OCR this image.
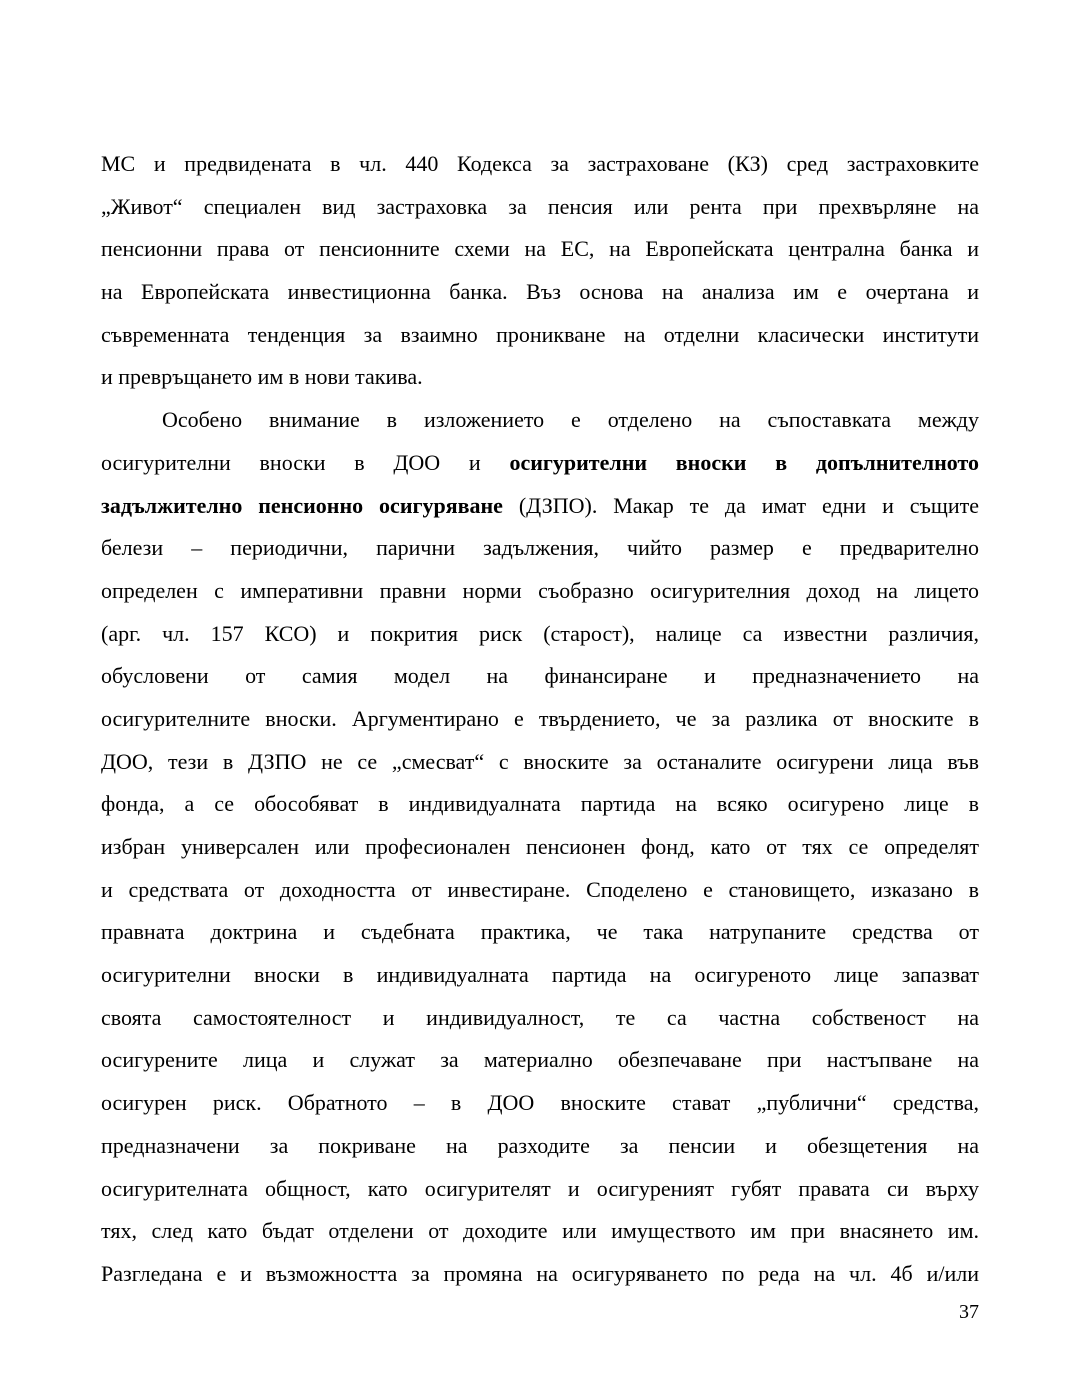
МС и предвидената в чл. 440 Кодекса за застраховане (КЗ) сред застраховките
„Живот“ специален вид застраховка за пенсия или рента при прехвърляне на
пенсионни права от пенсионните схеми на ЕС, на Европейската централна банка и
на Европейската инвестиционна банка. Въз основа на анализа им е очертана и
съвременната тенденция за взаимно проникване на отделни класически институти
и превръщането им в нови такива.
Особено внимание в изложението е отделено на съпоставката между
осигурителни вноски в ДОО и осигурителни вноски в допълнителното
задължително пенсионно осигуряване (ДЗПО). Макар те да имат едни и същите
белези – периодични, парични задължения, чийто размер е предварително
определен с императивни правни норми съобразно осигурителния доход на лицето
(арг. чл. 157 КСО) и покрития риск (старост), налице са известни различия,
обусловени от самия модел на финансиране и предназначението на
осигурителните вноски. Аргументирано е твърдението, че за разлика от вноските в
ДОО, тези в ДЗПО не се „смесват“ с вноските за останалите осигурени лица във
фонда, а се обособяват в индивидуалната партида на всяко осигурено лице в
избран универсален или професионален пенсионен фонд, като от тях се определят
и средствата от доходността от инвестиране. Споделено е становището, изказано в
правната доктрина и съдебната практика, че така натрупаните средства от
осигурителни вноски в индивидуалната партида на осигуреното лице запазват
своята самостоятелност и индивидуалност, те са частна собственост на
осигурените лица и служат за материално обезпечаване при настъпване на
осигурен риск. Обратното – в ДОО вноските стават „публични“ средства,
предназначени за покриване на разходите за пенсии и обезщетения на
осигурителната общност, като осигурителят и осигуреният губят правата си върху
тях, след като бъдат отделени от доходите или имуществото им при внасянето им.
Разгледана е и възможността за промяна на осигуряването по реда на чл. 4б и/или
37
